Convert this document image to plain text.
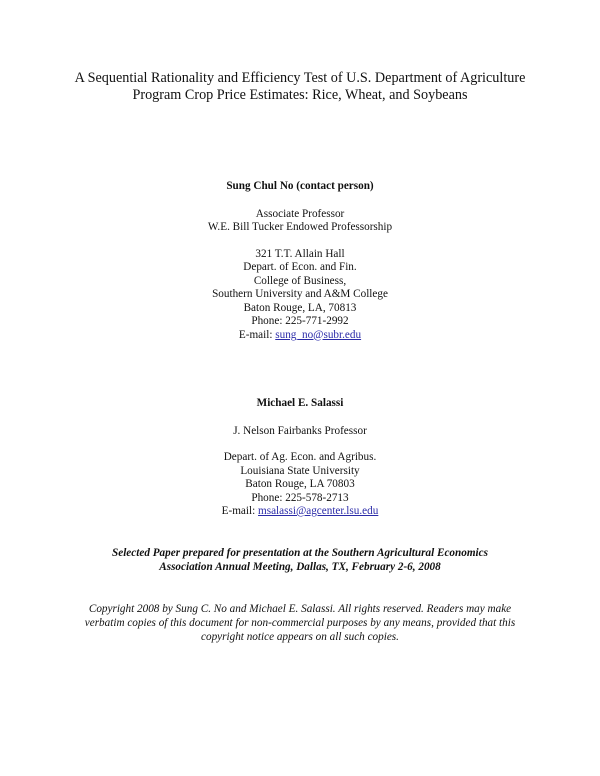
A Sequential Rationality and Efficiency Test of U.S. Department of Agriculture
Program Crop Price Estimates: Rice, Wheat, and Soybeans
Sung Chul No (contact person)
Associate Professor
W.E. Bill Tucker Endowed Professorship
321 T.T. Allain Hall
Depart. of Econ. and Fin.
College of Business,
Southern University and A&M College
Baton Rouge, LA, 70813
Phone: 225-771-2992
E-mail: sung_no@subr.edu
Michael E. Salassi
J. Nelson Fairbanks Professor
Depart. of Ag. Econ. and Agribus.
Louisiana State University
Baton Rouge, LA 70803
Phone: 225-578-2713
E-mail: msalassi@agcenter.lsu.edu
Selected Paper prepared for presentation at the Southern Agricultural Economics
Association Annual Meeting, Dallas, TX, February 2-6, 2008
Copyright 2008 by Sung C. No and Michael E. Salassi. All rights reserved. Readers may make
verbatim copies of this document for non-commercial purposes by any means, provided that this
copyright notice appears on all such copies.
